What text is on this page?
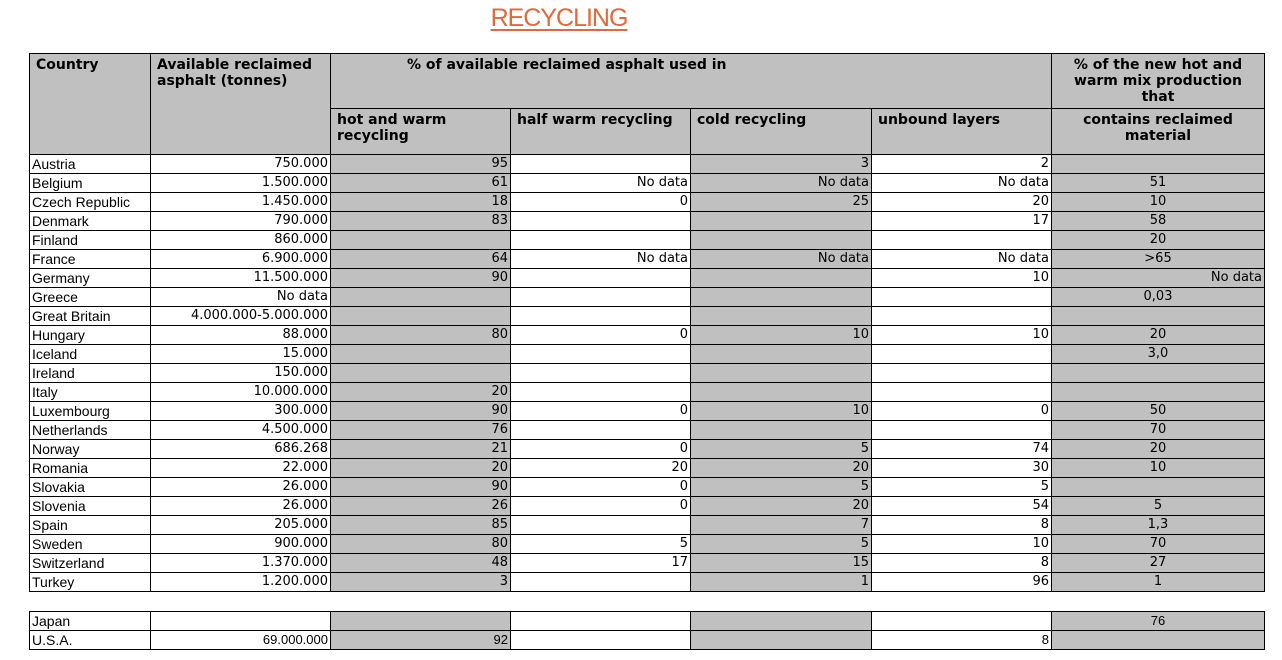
RECYCLING
Country	Available reclaimed asphalt (tonnes)	% of available reclaimed asphalt used in				% of the new hot and warm mix production that
		hot and warm recycling	half warm recycling	cold recycling	unbound layers	contains reclaimed material
Austria	750.000	95		3	2	
Belgium	1.500.000	61	No data	No data	No data	51
Czech Republic	1.450.000	18	0	25	20	10
Denmark	790.000	83			17	58
Finland	860.000					20
France	6.900.000	64	No data	No data	No data	>65
Germany	11.500.000	90			10	No data
Greece	No data					0,03
Great Britain	4.000.000-5.000.000					
Hungary	88.000	80	0	10	10	20
Iceland	15.000					3,0
Ireland	150.000					
Italy	10.000.000	20				
Luxembourg	300.000	90	0	10	0	50
Netherlands	4.500.000	76				70
Norway	686.268	21	0	5	74	20
Romania	22.000	20	20	20	30	10
Slovakia	26.000	90	0	5	5	
Slovenia	26.000	26	0	20	54	5
Spain	205.000	85		7	8	1,3
Sweden	900.000	80	5	5	10	70
Switzerland	1.370.000	48	17	15	8	27
Turkey	1.200.000	3		1	96	1
Japan						76
U.S.A.	69.000.000	92			8	
